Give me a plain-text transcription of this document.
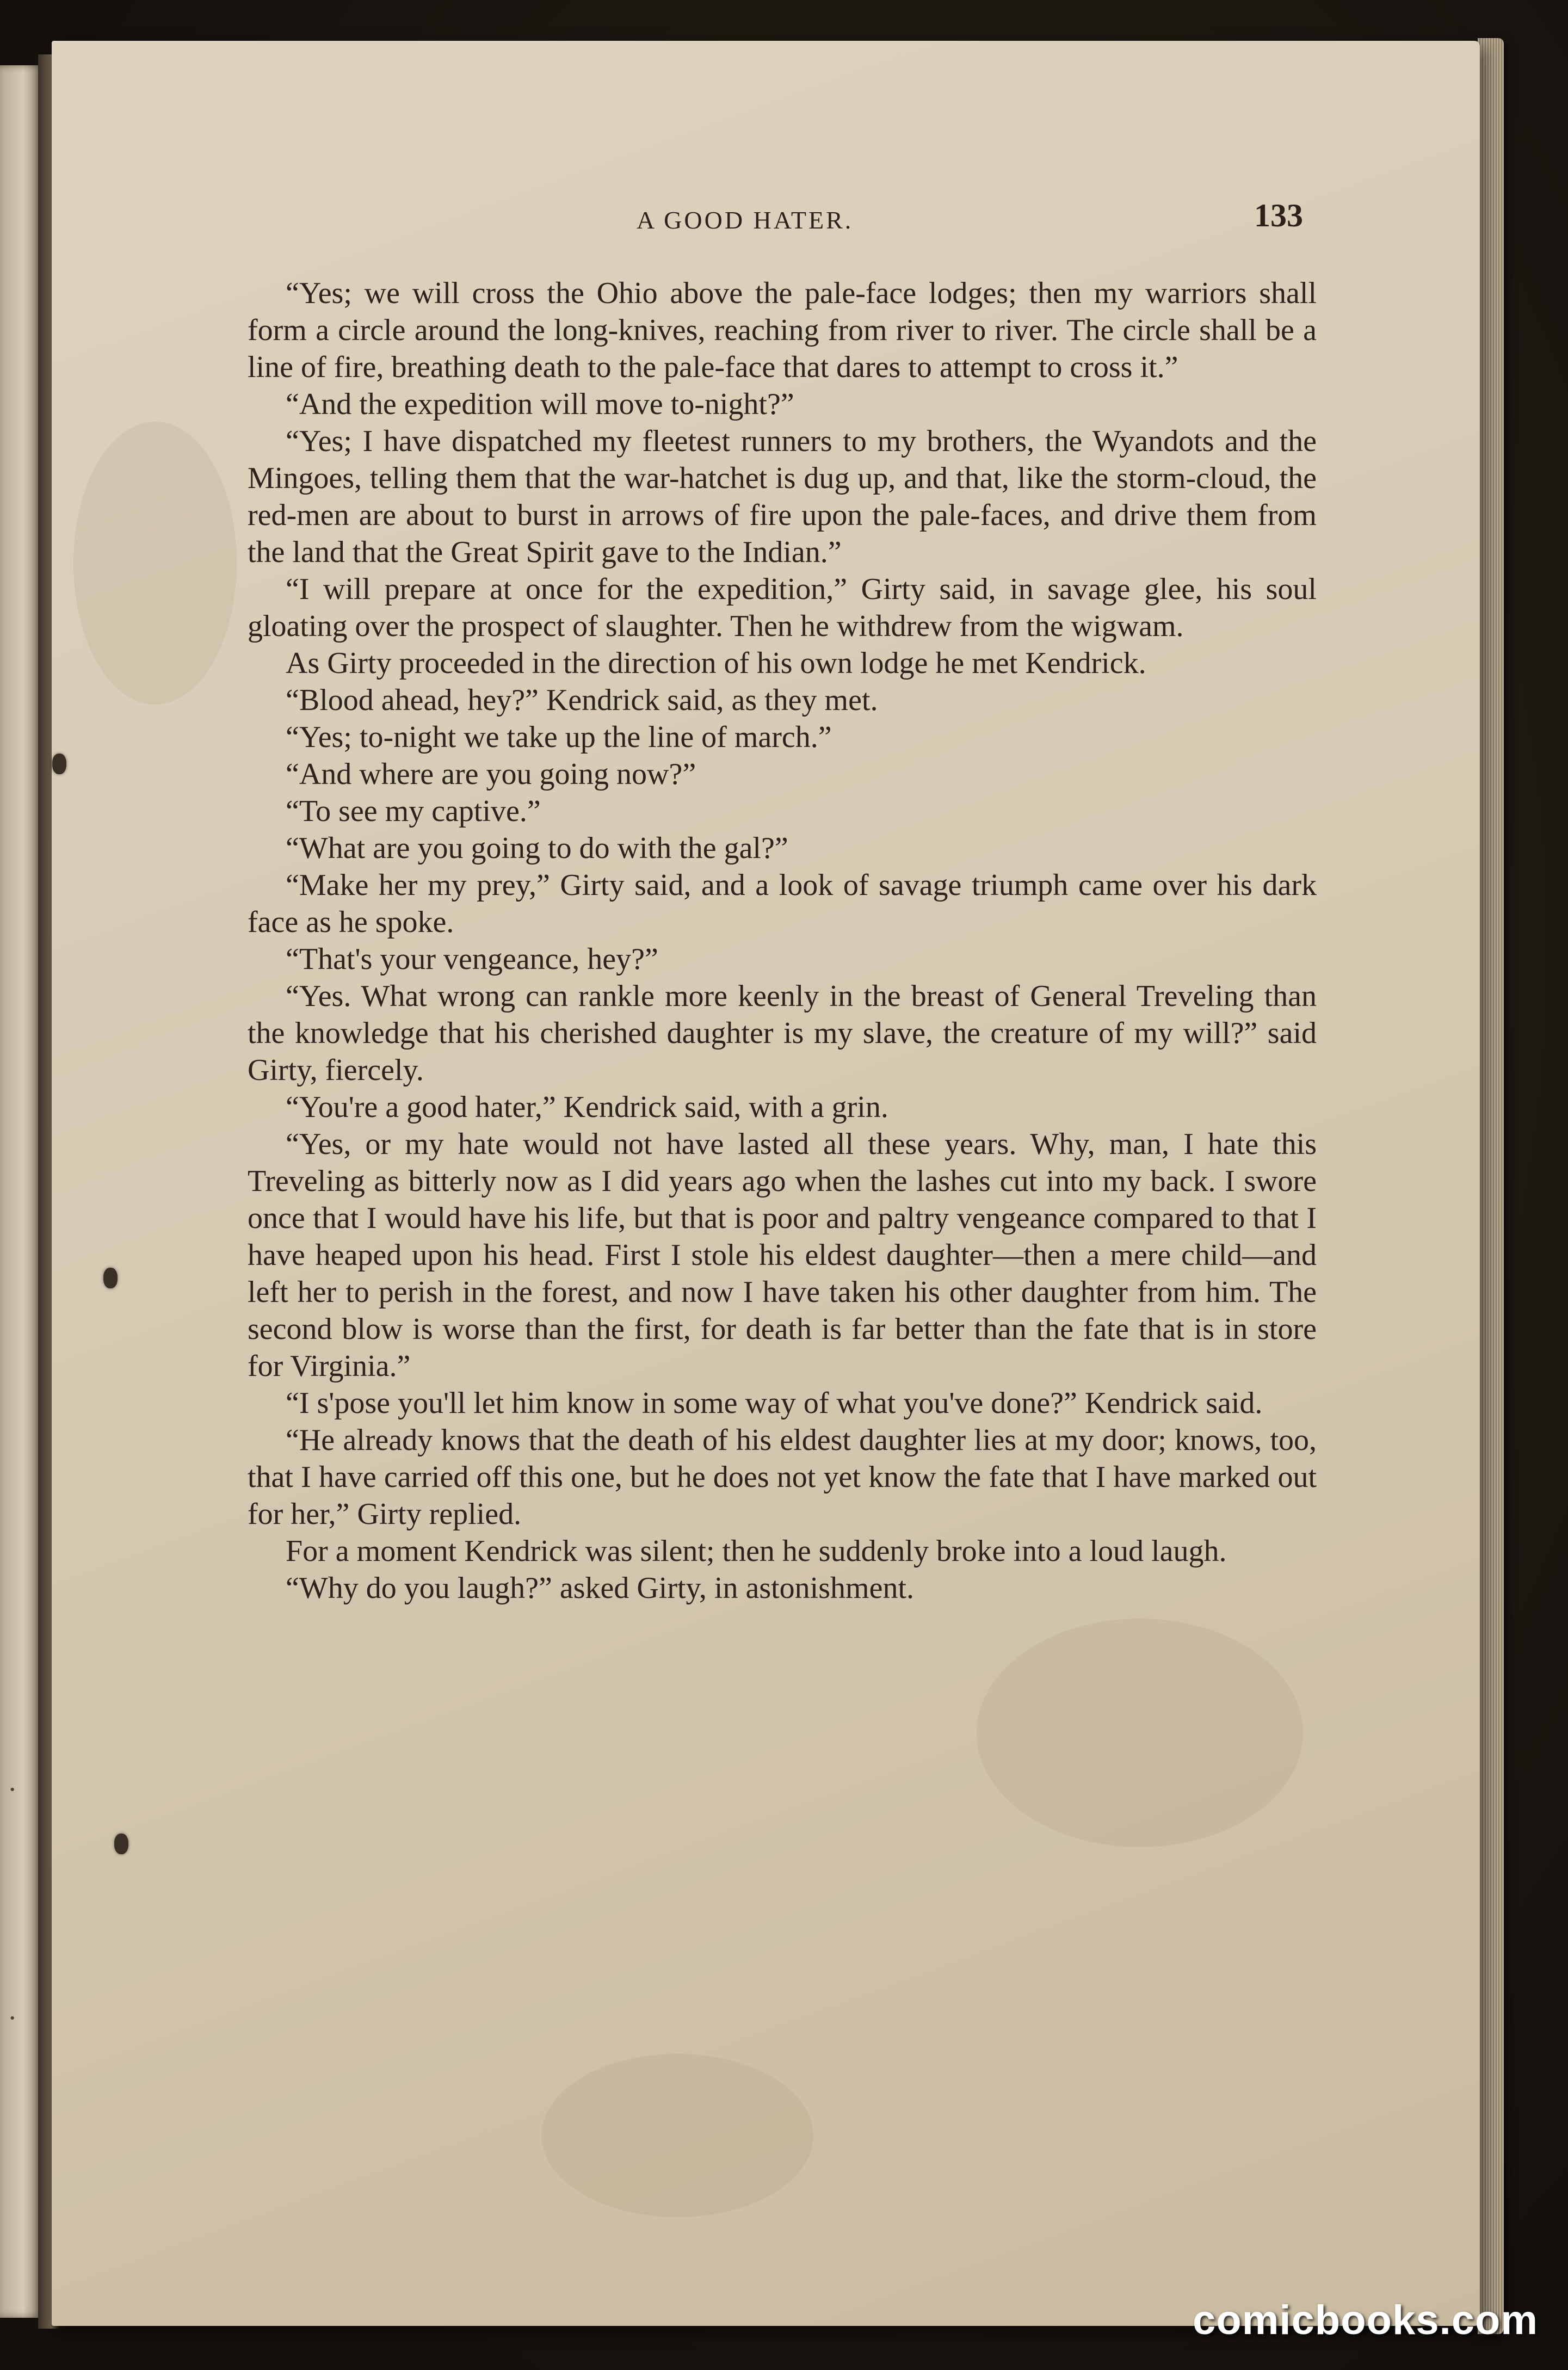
·
·
A GOOD HATER.	133

“Yes; we will cross the Ohio above the pale-face lodges; then my warriors shall form a circle around the long-knives, reaching from river to river. The circle shall be a line of fire, breathing death to the pale-face that dares to attempt to cross it.”

“And the expedition will move to-night?”

“Yes; I have dispatched my fleetest runners to my brothers, the Wyandots and the Mingoes, telling them that the war-hatchet is dug up, and that, like the storm-cloud, the red-men are about to burst in arrows of fire upon the pale-faces, and drive them from the land that the Great Spirit gave to the Indian.”

“I will prepare at once for the expedition,” Girty said, in savage glee, his soul gloating over the prospect of slaughter. Then he withdrew from the wigwam.

As Girty proceeded in the direction of his own lodge he met Kendrick.

“Blood ahead, hey?” Kendrick said, as they met.

“Yes; to-night we take up the line of march.”

“And where are you going now?”

“To see my captive.”

“What are you going to do with the gal?”

“Make her my prey,” Girty said, and a look of savage triumph came over his dark face as he spoke.

“That's your vengeance, hey?”

“Yes. What wrong can rankle more keenly in the breast of General Treveling than the knowledge that his cherished daughter is my slave, the creature of my will?” said Girty, fiercely.

“You're a good hater,” Kendrick said, with a grin.

“Yes, or my hate would not have lasted all these years. Why, man, I hate this Treveling as bitterly now as I did years ago when the lashes cut into my back. I swore once that I would have his life, but that is poor and paltry vengeance compared to that I have heaped upon his head. First I stole his eldest daughter—then a mere child—and left her to perish in the forest, and now I have taken his other daughter from him. The second blow is worse than the first, for death is far better than the fate that is in store for Virginia.”

“I s'pose you'll let him know in some way of what you've done?” Kendrick said.

“He already knows that the death of his eldest daughter lies at my door; knows, too, that I have carried off this one, but he does not yet know the fate that I have marked out for her,” Girty replied.

For a moment Kendrick was silent; then he suddenly broke into a loud laugh.

“Why do you laugh?” asked Girty, in astonishment.

comicbooks.com
